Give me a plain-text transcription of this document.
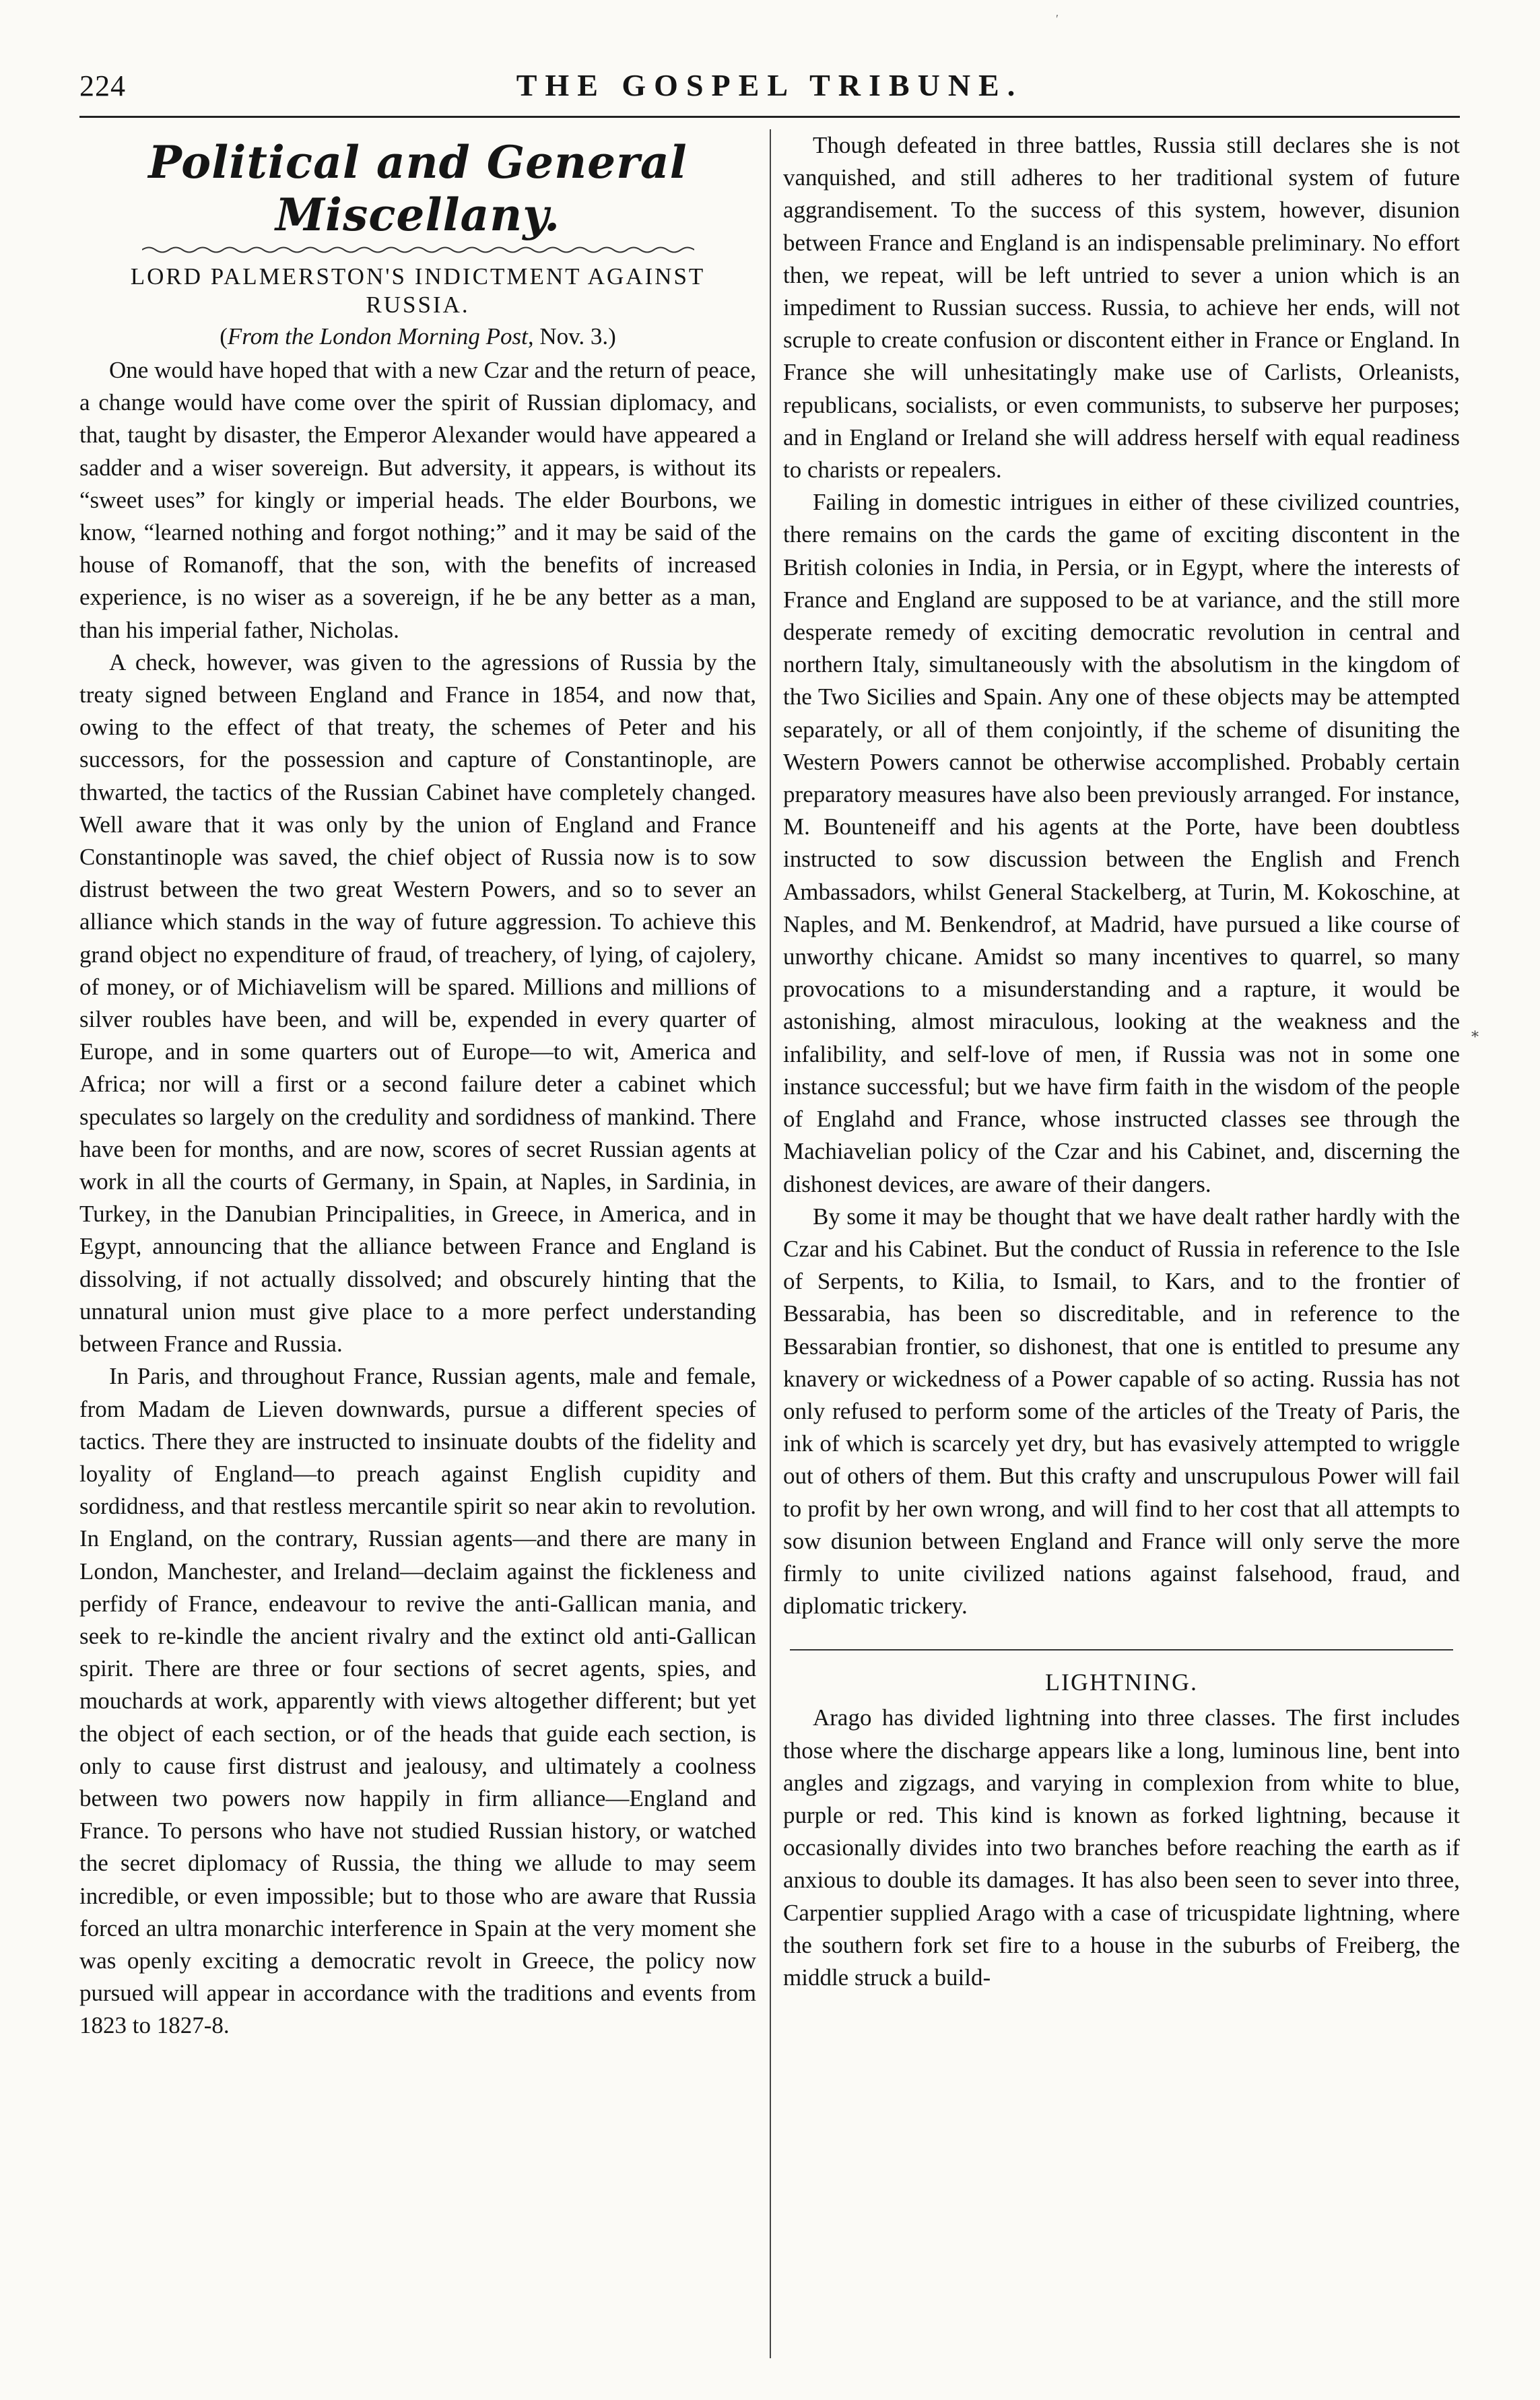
′
224	THE GOSPEL TRIBUNE.
Political and General Miscellany.
LORD PALMERSTON'S INDICTMENT AGAINST RUSSIA.
(From the London Morning Post, Nov. 3.)

One would have hoped that with a new Czar and the return of peace, a change would have come over the spirit of Russian diplomacy, and that, taught by disaster, the Emperor Alexander would have appeared a sadder and a wiser sovereign. But adversity, it appears, is without its “sweet uses” for kingly or imperial heads. The elder Bourbons, we know, “learned nothing and forgot nothing;” and it may be said of the house of Romanoff, that the son, with the benefits of increased experience, is no wiser as a sovereign, if he be any better as a man, than his imperial father, Nicholas.

A check, however, was given to the agressions of Russia by the treaty signed between England and France in 1854, and now that, owing to the effect of that treaty, the schemes of Peter and his successors, for the possession and capture of Constantinople, are thwarted, the tactics of the Russian Cabinet have completely changed. Well aware that it was only by the union of England and France Constantinople was saved, the chief object of Russia now is to sow distrust between the two great Western Powers, and so to sever an alliance which stands in the way of future aggression. To achieve this grand object no expenditure of fraud, of treachery, of lying, of cajolery, of money, or of Michiavelism will be spared. Millions and millions of silver roubles have been, and will be, expended in every quarter of Europe, and in some quarters out of Europe—to wit, America and Africa; nor will a first or a second failure deter a cabinet which speculates so largely on the credulity and sordidness of mankind. There have been for months, and are now, scores of secret Russian agents at work in all the courts of Germany, in Spain, at Naples, in Sardinia, in Turkey, in the Danubian Principalities, in Greece, in America, and in Egypt, announcing that the alliance between France and England is dissolving, if not actually dissolved; and obscurely hinting that the unnatural union must give place to a more perfect understanding between France and Russia.

In Paris, and throughout France, Russian agents, male and female, from Madam de Lieven downwards, pursue a different species of tactics. There they are instructed to insinuate doubts of the fidelity and loyality of England—to preach against English cupidity and sordidness, and that restless mercantile spirit so near akin to revolution. In England, on the contrary, Russian agents—and there are many in London, Manchester, and Ireland—declaim against the fickleness and perfidy of France, endeavour to revive the anti-Gallican mania, and seek to re-kindle the ancient rivalry and the extinct old anti-Gallican spirit. There are three or four sections of secret agents, spies, and mouchards at work, apparently with views altogether different; but yet the object of each section, or of the heads that guide each section, is only to cause first distrust and jealousy, and ultimately a coolness between two powers now happily in firm alliance—England and France. To persons who have not studied Russian history, or watched the secret diplomacy of Russia, the thing we allude to may seem incredible, or even impossible; but to those who are aware that Russia forced an ultra monarchic interference in Spain at the very moment she was openly exciting a democratic revolt in Greece, the policy now pursued will appear in accordance with the traditions and events from 1823 to 1827-8.

Though defeated in three battles, Russia still declares she is not vanquished, and still adheres to her traditional system of future aggrandisement. To the success of this system, however, disunion between France and England is an indispensable preliminary. No effort then, we repeat, will be left untried to sever a union which is an impediment to Russian success. Russia, to achieve her ends, will not scruple to create confusion or discontent either in France or England. In France she will unhesitatingly make use of Carlists, Orleanists, republicans, socialists, or even communists, to subserve her purposes; and in England or Ireland she will address herself with equal readiness to charists or repealers.

Failing in domestic intrigues in either of these civilized countries, there remains on the cards the game of exciting discontent in the British colonies in India, in Persia, or in Egypt, where the interests of France and England are supposed to be at variance, and the still more desperate remedy of exciting democratic revolution in central and northern Italy, simultaneously with the absolutism in the kingdom of the Two Sicilies and Spain. Any one of these objects may be attempted separately, or all of them conjointly, if the scheme of disuniting the Western Powers cannot be otherwise accomplished. Probably certain preparatory measures have also been previously arranged. For instance, M. Bounteneiff and his agents at the Porte, have been doubtless instructed to sow discussion between the English and French Ambassadors, whilst General Stackelberg, at Turin, M. Kokoschine, at Naples, and M. Benkendrof, at Madrid, have pursued a like course of unworthy chicane. Amidst so many incentives to quarrel, so many provocations to a misunderstanding and a rapture, it would be astonishing, almost miraculous, looking at the weakness and the infalibility, and self-love of men, if Russia was not in some one instance successful; but we have firm faith in the wisdom of the people of Englahd and France, whose instructed classes see through the Machiavelian policy of the Czar and his Cabinet, and, discerning the dishonest devices, are aware of their dangers.

By some it may be thought that we have dealt rather hardly with the Czar and his Cabinet. But the conduct of Russia in reference to the Isle of Serpents, to Kilia, to Ismail, to Kars, and to the frontier of Bessarabia, has been so discreditable, and in reference to the Bessarabian frontier, so dishonest, that one is entitled to presume any knavery or wickedness of a Power capable of so acting. Russia has not only refused to perform some of the articles of the Treaty of Paris, the ink of which is scarcely yet dry, but has evasively attempted to wriggle out of others of them. But this crafty and unscrupulous Power will fail to profit by her own wrong, and will find to her cost that all attempts to sow disunion between England and France will only serve the more firmly to unite civilized nations against falsehood, fraud, and diplomatic trickery.

LIGHTNING.

Arago has divided lightning into three classes. The first includes those where the discharge appears like a long, luminous line, bent into angles and zigzags, and varying in complexion from white to blue, purple or red. This kind is known as forked lightning, because it occasionally divides into two branches before reaching the earth as if anxious to double its damages. It has also been seen to sever into three, Carpentier supplied Arago with a case of tricuspidate lightning, where the southern fork set fire to a house in the suburbs of Freiberg, the middle struck a build-

⁎
